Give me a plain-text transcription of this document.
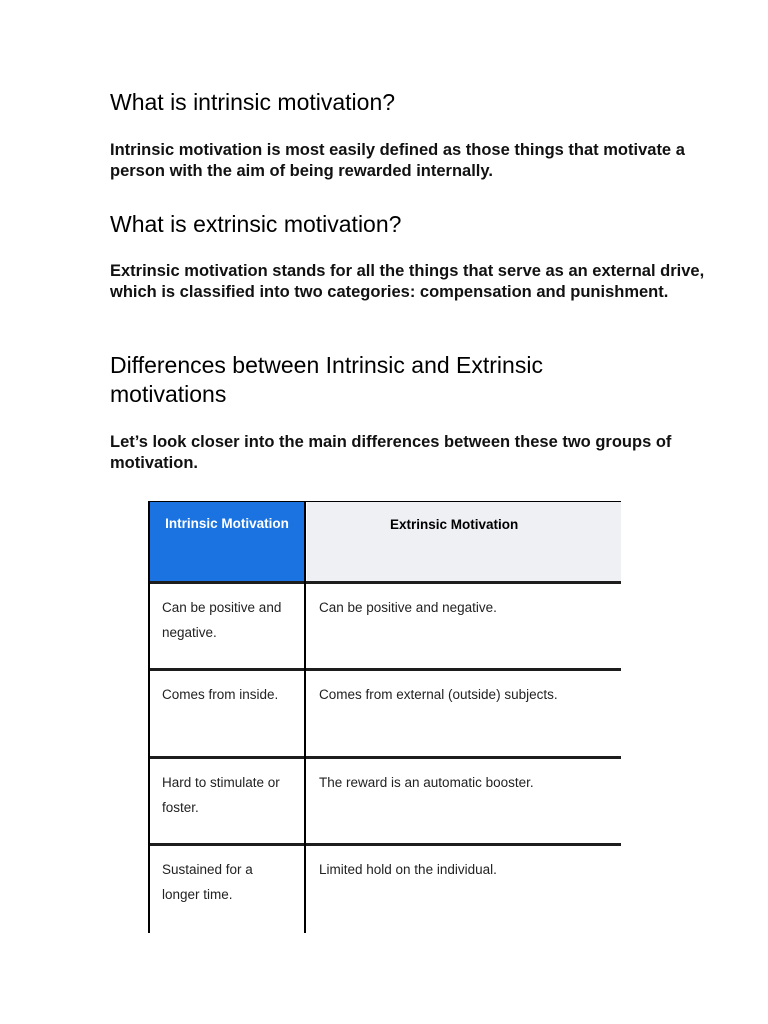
What is intrinsic motivation?

Intrinsic motivation is most easily defined as those things that motivate a person with the aim of being rewarded internally.

What is extrinsic motivation?

Extrinsic motivation stands for all the things that serve as an external drive, which is classified into two categories: compensation and punishment.

Differences between Intrinsic and Extrinsic motivations

Let’s look closer into the main differences between these two groups of motivation.

Intrinsic Motivation	Extrinsic Motivation
Can be positive and negative.
Can be positive and negative.
Comes from inside.	Comes from external (outside) subjects.
Hard to stimulate or foster.
The reward is an automatic booster.
Sustained for a longer time.
Limited hold on the individual.
